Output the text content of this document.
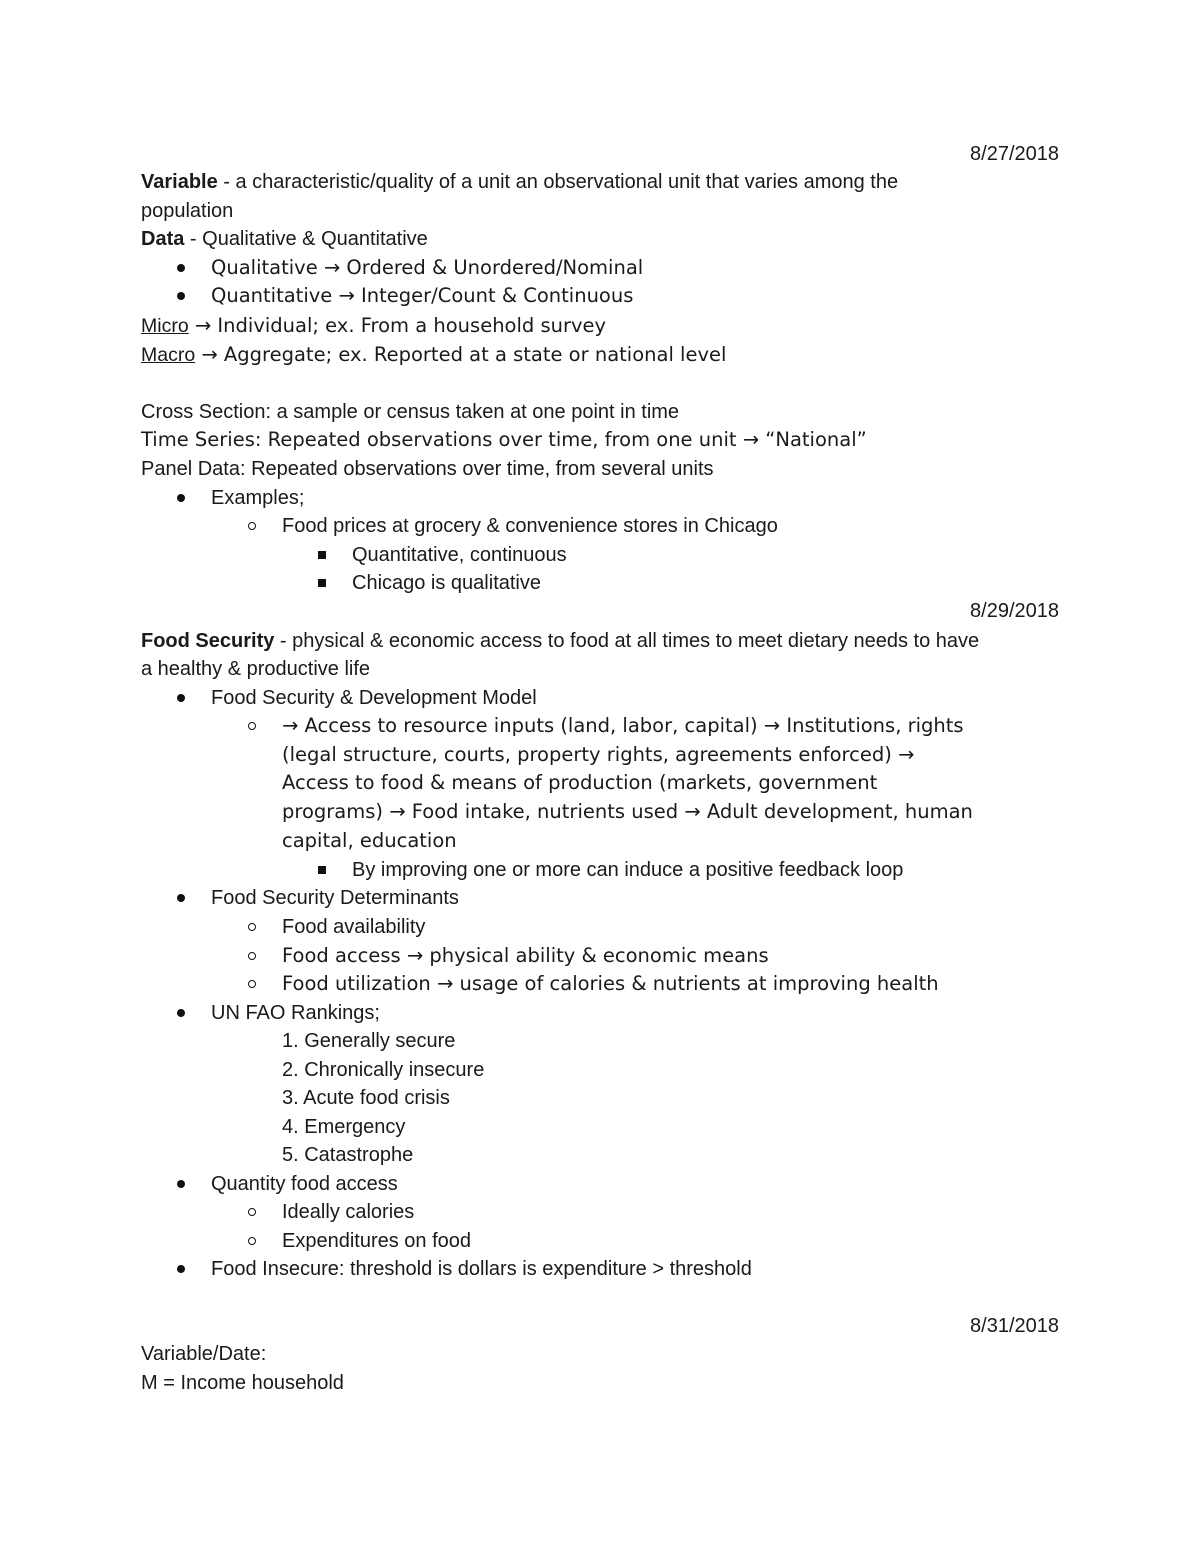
8/27/2018
Variable - a characteristic/quality of a unit an observational unit that varies among the
population
Data - Qualitative & Quantitative
Qualitative → Ordered & Unordered/Nominal
Quantitative → Integer/Count & Continuous
Micro → Individual; ex. From a household survey
Macro → Aggregate; ex. Reported at a state or national level
Cross Section: a sample or census taken at one point in time
Time Series: Repeated observations over time, from one unit → “National”
Panel Data: Repeated observations over time, from several units
Examples;
Food prices at grocery & convenience stores in Chicago
Quantitative, continuous
Chicago is qualitative
8/29/2018
Food Security - physical & economic access to food at all times to meet dietary needs to have
a healthy & productive life
Food Security & Development Model
→ Access to resource inputs (land, labor, capital) → Institutions, rights
(legal structure, courts, property rights, agreements enforced) →
Access to food & means of production (markets, government
programs) → Food intake, nutrients used → Adult development, human
capital, education
By improving one or more can induce a positive feedback loop
Food Security Determinants
Food availability
Food access → physical ability & economic means
Food utilization → usage of calories & nutrients at improving health
UN FAO Rankings;
1. Generally secure
2. Chronically insecure
3. Acute food crisis
4. Emergency
5. Catastrophe
Quantity food access
Ideally calories
Expenditures on food
Food Insecure: threshold is dollars is expenditure > threshold
8/31/2018
Variable/Date:
M = Income household
